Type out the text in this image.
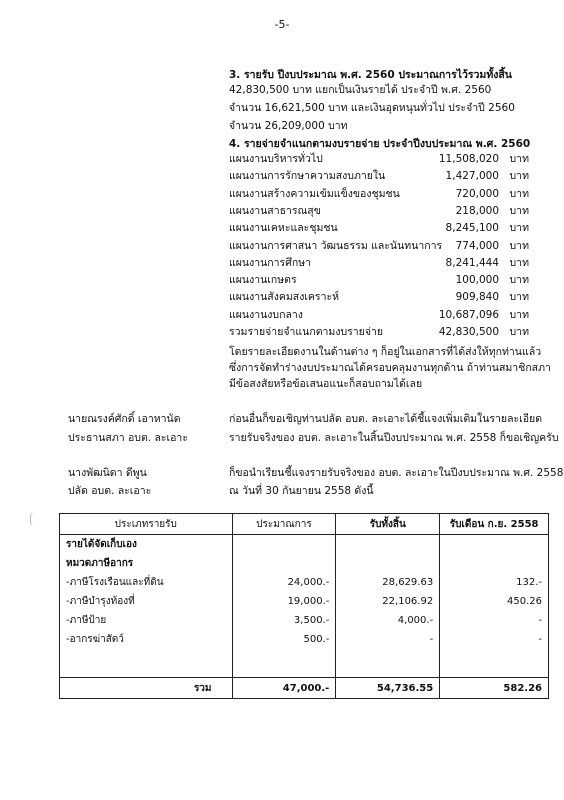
-5-
3. รายรับ ปีงบประมาณ พ.ศ. 2560 ประมาณการไว้รวมทั้งสิ้น
42,830,500 บาท แยกเป็นเงินรายได้ ประจำปี พ.ศ. 2560
จำนวน 16,621,500 บาท และเงินอุดหนุนทั่วไป ประจำปี 2560
จำนวน 26,209,000 บาท
4. รายจ่ายจำแนกตามงบรายจ่าย ประจำปีงบประมาณ พ.ศ. 2560
แผนงานบริหารทั่วไป	11,508,020 บาท
แผนงานการรักษาความสงบภายใน	1,427,000 บาท
แผนงานสร้างความเข้มแข็งของชุมชน	720,000 บาท
แผนงานสาธารณสุข	218,000 บาท
แผนงานเคหะและชุมชน	8,245,100 บาท
แผนงานการศาสนา วัฒนธรรม และนันทนาการ 774,000 บาท
แผนงานการศึกษา	8,241,444 บาท
แผนงานเกษตร	100,000 บาท
แผนงานสังคมสงเคราะห์	909,840 บาท
แผนงานงบกลาง	10,687,096 บาท
รวมรายจ่ายจำแนกตามงบรายจ่าย	42,830,500 บาท
โดยรายละเอียดงานในด้านต่าง ๆ ก็อยู่ในเอกสารที่ได้ส่งให้ทุกท่านแล้ว
ซึ่งการจัดทำร่างงบประมาณได้ครอบคลุมงานทุกด้าน ถ้าท่านสมาชิกสภา
มีข้อสงสัยหรือข้อเสนอแนะก็สอบถามได้เลย
นายณรงค์ศักดิ์ เอาหานัด
ประธานสภา อบต. ละเอาะ
ก่อนอื่นก็ขอเชิญท่านปลัด อบต. ละเอาะได้ชี้แจงเพิ่มเติมในรายละเอียด
รายรับจริงของ อบต. ละเอาะในสิ้นปีงบประมาณ พ.ศ. 2558 ก็ขอเชิญครับ
นางพัฒนิดา ดีพูน
ปลัด อบต. ละเอาะ
ก็ขอนำเรียนชี้แจงรายรับจริงของ อบต. ละเอาะในปีงบประมาณ พ.ศ. 2558
ณ วันที่ 30 กันยายน 2558 ดังนี้
ประเภทรายรับ	ประมาณการ	รับทั้งสิ้น	รับเดือน ก.ย. 2558
รายได้จัดเก็บเอง			
หมวดภาษีอากร			
-ภาษีโรงเรือนและที่ดิน	24,000.-	28,629.63	132.-
-ภาษีบำรุงท้องที่	19,000.-	22,106.92	450.26
-ภาษีป้าย	3,500.-	4,000.-	-
-อากรฆ่าสัตว์	500.-	-	-

รวม	47,000.-	54,736.55	582.26
